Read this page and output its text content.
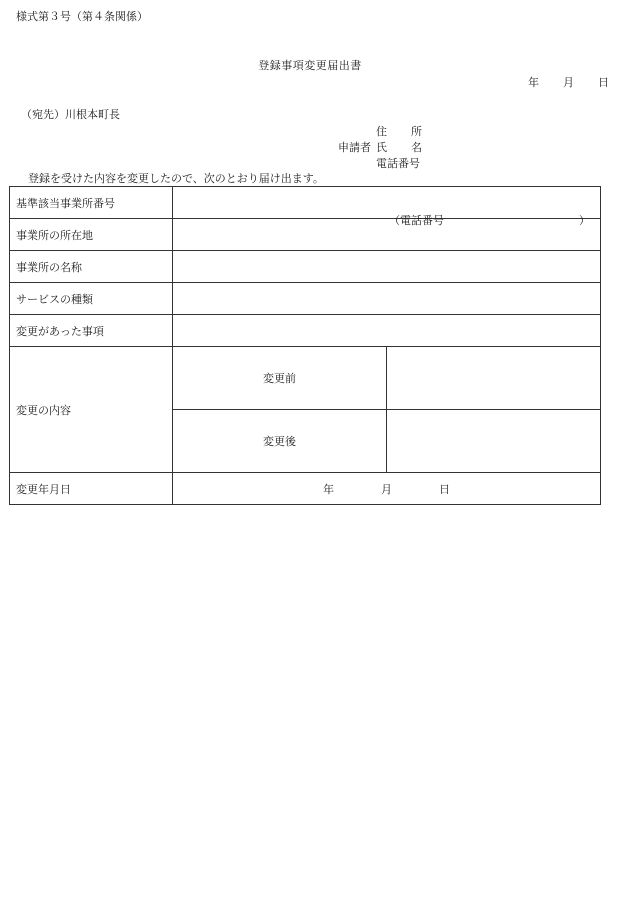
様式第３号（第４条関係）
登録事項変更届出書
年 月 日
（宛先）川根本町長
住 所
申請者 氏 名
電話番号
登録を受けた内容を変更したので、次のとおり届け出ます。
基準該当事業所番号		
事業所の所在地	（電話番号 ）	

事業所の名称		
サービスの種類		
変更があった事項		
変更の内容	変更前	
	変更後	
変更年月日	年 月 日	
